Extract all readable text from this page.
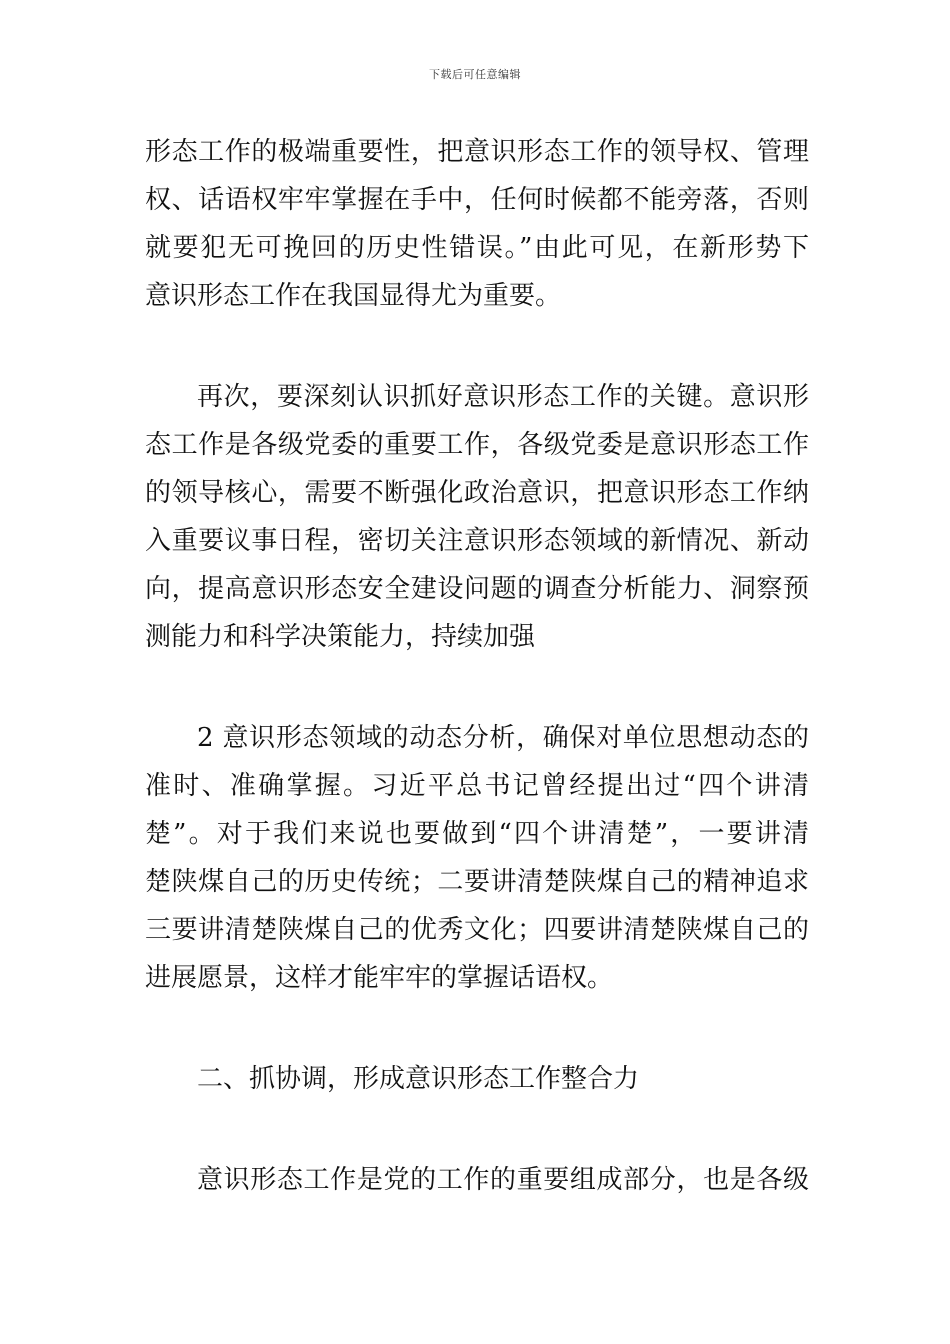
下载后可任意编辑
形态工作的极端重要性，把意识形态工作的领导权、管理
权、话语权牢牢掌握在手中，任何时候都不能旁落，否则
就要犯无可挽回的历史性错误。”由此可见，在新形势下
意识形态工作在我国显得尤为重要。
再次，要深刻认识抓好意识形态工作的关键。意识形
态工作是各级党委的重要工作，各级党委是意识形态工作
的领导核心，需要不断强化政治意识，把意识形态工作纳
入重要议事日程，密切关注意识形态领域的新情况、新动
向，提高意识形态安全建设问题的调查分析能力、洞察预
测能力和科学决策能力，持续加强
2 意识形态领域的动态分析，确保对单位思想动态的
准时、准确掌握。习近平总书记曾经提出过“四个讲清
楚”。对于我们来说也要做到“四个讲清楚”，一要讲清
楚陕煤自己的历史传统；二要讲清楚陕煤自己的精神追求
三要讲清楚陕煤自己的优秀文化；四要讲清楚陕煤自己的
进展愿景，这样才能牢牢的掌握话语权。
二、抓协调，形成意识形态工作整合力
意识形态工作是党的工作的重要组成部分，也是各级
